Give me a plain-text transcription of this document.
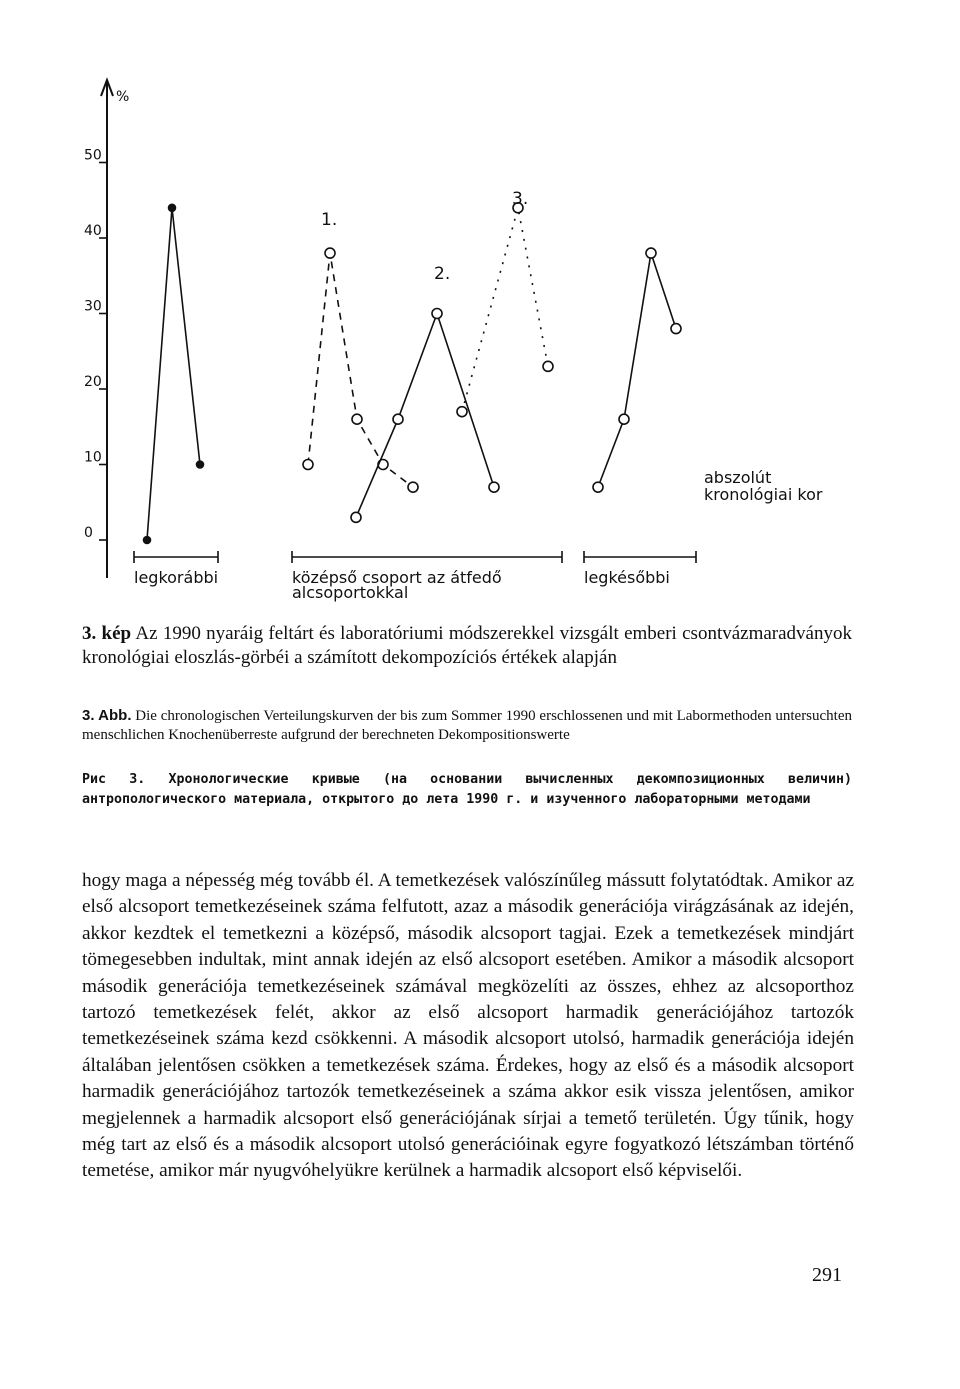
%
0
10
20
30
40
50
1.
2.
3.
legkorábbi	középső csoport az átfedő
alcsoportokkal
legkésőbbi
abszolút
kronológiai kor
3. kép Az 1990 nyaráig feltárt és laboratóriumi módszerekkel vizsgált emberi csontvázmaradványok kronológiai eloszlás-görbéi a számított dekompozíciós értékek alapján
3. Abb. Die chronologischen Verteilungskurven der bis zum Sommer 1990 erschlossenen und mit Labormethoden untersuchten menschlichen Knochenüberreste aufgrund der berechneten Dekompositionswerte
Рис 3. Хронологические кривые (на основании вычисленных декомпозиционных величин) антропологического материала, открытого до лета 1990 г. и изученного лабораторными методами

hogy maga a népesség még tovább él. A temetkezések valószínűleg mássutt folytatódtak. Amikor az első alcsoport temetkezéseinek száma felfutott, azaz a második generációja virágzásának az idején, akkor kezdtek el temetkezni a középső, második alcsoport tagjai. Ezek a temetkezések mindjárt tömegesebben indultak, mint annak idején az első alcsoport esetében. Amikor a második alcsoport második generációja temetkezéseinek számával megközelíti az összes, ehhez az alcsoporthoz tartozó temetkezések felét, akkor az első alcsoport harmadik generációjához tartozók temetkezéseinek száma kezd csökkenni. A második alcsoport utolsó, harmadik generációja idején általában jelentősen csökken a temetkezések száma. Érdekes, hogy az első és a második alcsoport harmadik generációjához tartozók temetkezéseinek a száma akkor esik vissza jelentősen, amikor megjelennek a harmadik alcsoport első generációjának sírjai a temető területén. Úgy tűnik, hogy még tart az első és a második alcsoport utolsó generációinak egyre fogyatkozó létszámban történő temetése, amikor már nyugvóhelyükre kerülnek a harmadik alcsoport első képviselői.

291
